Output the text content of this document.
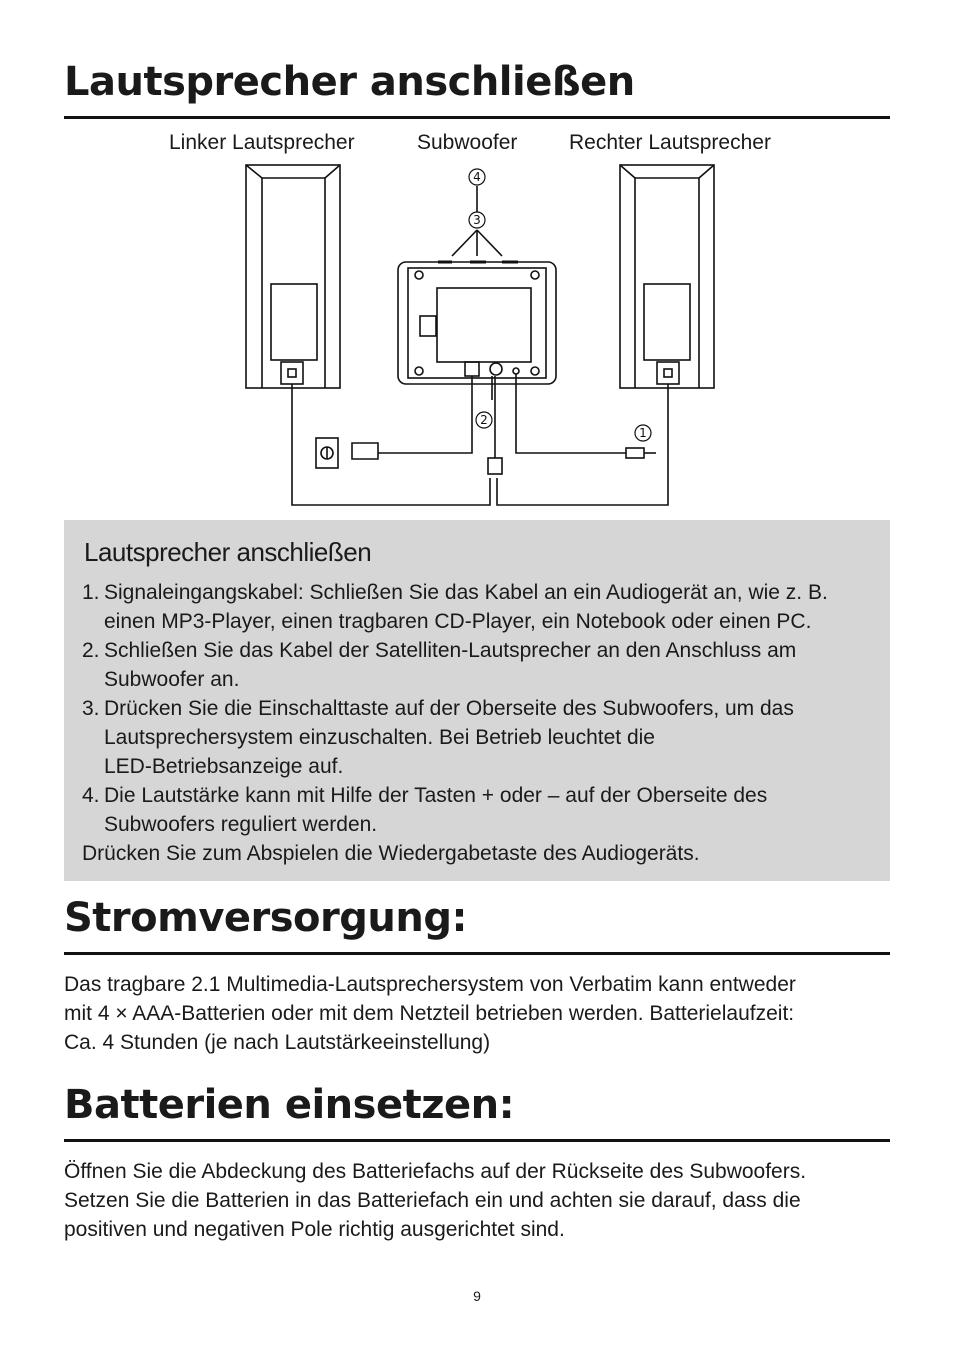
Lautsprecher anschließen
Linker Lautsprecher	Subwoofer Rechter Lautsprecher
1
2
3
4
Lautsprecher anschließen
1. Signaleingangskabel: Schließen Sie das Kabel an ein Audiogerät an, wie z. B.
einen MP3-Player, einen tragbaren CD-Player, ein Notebook oder einen PC.
2. Schließen Sie das Kabel der Satelliten-Lautsprecher an den Anschluss am
Subwoofer an.
3. Drücken Sie die Einschalttaste auf der Oberseite des Subwoofers, um das
Lautsprechersystem einzuschalten. Bei Betrieb leuchtet die
LED-Betriebsanzeige auf.
4. Die Lautstärke kann mit Hilfe der Tasten + oder – auf der Oberseite des
Subwoofers reguliert werden.
Drücken Sie zum Abspielen die Wiedergabetaste des Audiogeräts.
Stromversorgung:
Das tragbare 2.1 Multimedia-Lautsprechersystem von Verbatim kann entweder
mit 4 × AAA-Batterien oder mit dem Netzteil betrieben werden. Batterielaufzeit:
Ca. 4 Stunden (je nach Lautstärkeeinstellung)
Batterien einsetzen:
Öffnen Sie die Abdeckung des Batteriefachs auf der Rückseite des Subwoofers.
Setzen Sie die Batterien in das Batteriefach ein und achten sie darauf, dass die
positiven und negativen Pole richtig ausgerichtet sind.
9
